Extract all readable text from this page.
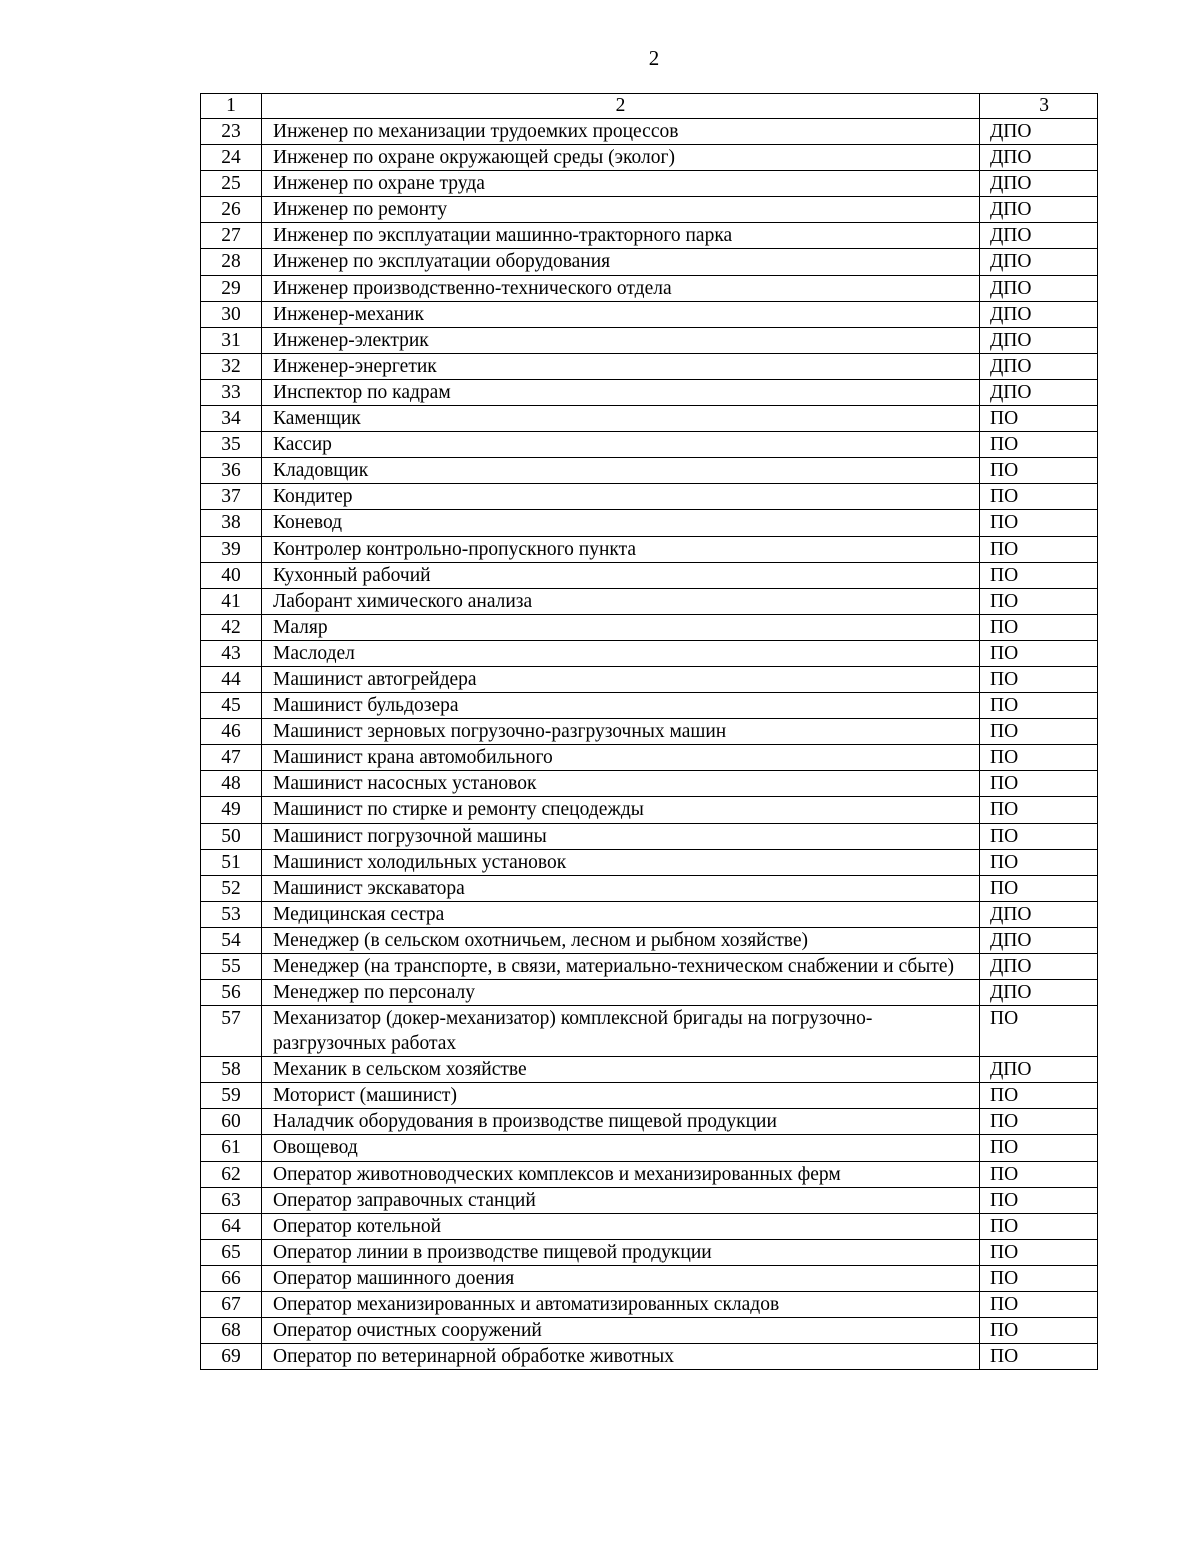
2
1	2	3
23	Инженер по механизации трудоемких процессов	ДПО
24	Инженер по охране окружающей среды (эколог)	ДПО
25	Инженер по охране труда	ДПО
26	Инженер по ремонту	ДПО
27	Инженер по эксплуатации машинно-тракторного парка	ДПО
28	Инженер по эксплуатации оборудования	ДПО
29	Инженер производственно-технического отдела	ДПО
30	Инженер-механик	ДПО
31	Инженер-электрик	ДПО
32	Инженер-энергетик	ДПО
33	Инспектор по кадрам	ДПО
34	Каменщик	ПО
35	Кассир	ПО
36	Кладовщик	ПО
37	Кондитер	ПО
38	Коневод	ПО
39	Контролер контрольно-пропускного пункта	ПО
40	Кухонный рабочий	ПО
41	Лаборант химического анализа	ПО
42	Маляр	ПО
43	Маслодел	ПО
44	Машинист автогрейдера	ПО
45	Машинист бульдозера	ПО
46	Машинист зерновых погрузочно-разгрузочных машин	ПО
47	Машинист крана автомобильного	ПО
48	Машинист насосных установок	ПО
49	Машинист по стирке и ремонту спецодежды	ПО
50	Машинист погрузочной машины	ПО
51	Машинист холодильных установок	ПО
52	Машинист экскаватора	ПО
53	Медицинская сестра	ДПО
54	Менеджер (в сельском охотничьем, лесном и рыбном хозяйстве)	ДПО
55	Менеджер (на транспорте, в связи, материально-техническом снабжении и сбыте)	ДПО
56	Менеджер по персоналу	ДПО
57	Механизатор (докер-механизатор) комплексной бригады на погрузочно-разгрузочных работах	ПО
58	Механик в сельском хозяйстве	ДПО
59	Моторист (машинист)	ПО
60	Наладчик оборудования в производстве пищевой продукции	ПО
61	Овощевод	ПО
62	Оператор животноводческих комплексов и механизированных ферм	ПО
63	Оператор заправочных станций	ПО
64	Оператор котельной	ПО
65	Оператор линии в производстве пищевой продукции	ПО
66	Оператор машинного доения	ПО
67	Оператор механизированных и автоматизированных складов	ПО
68	Оператор очистных сооружений	ПО
69	Оператор по ветеринарной обработке животных	ПО
